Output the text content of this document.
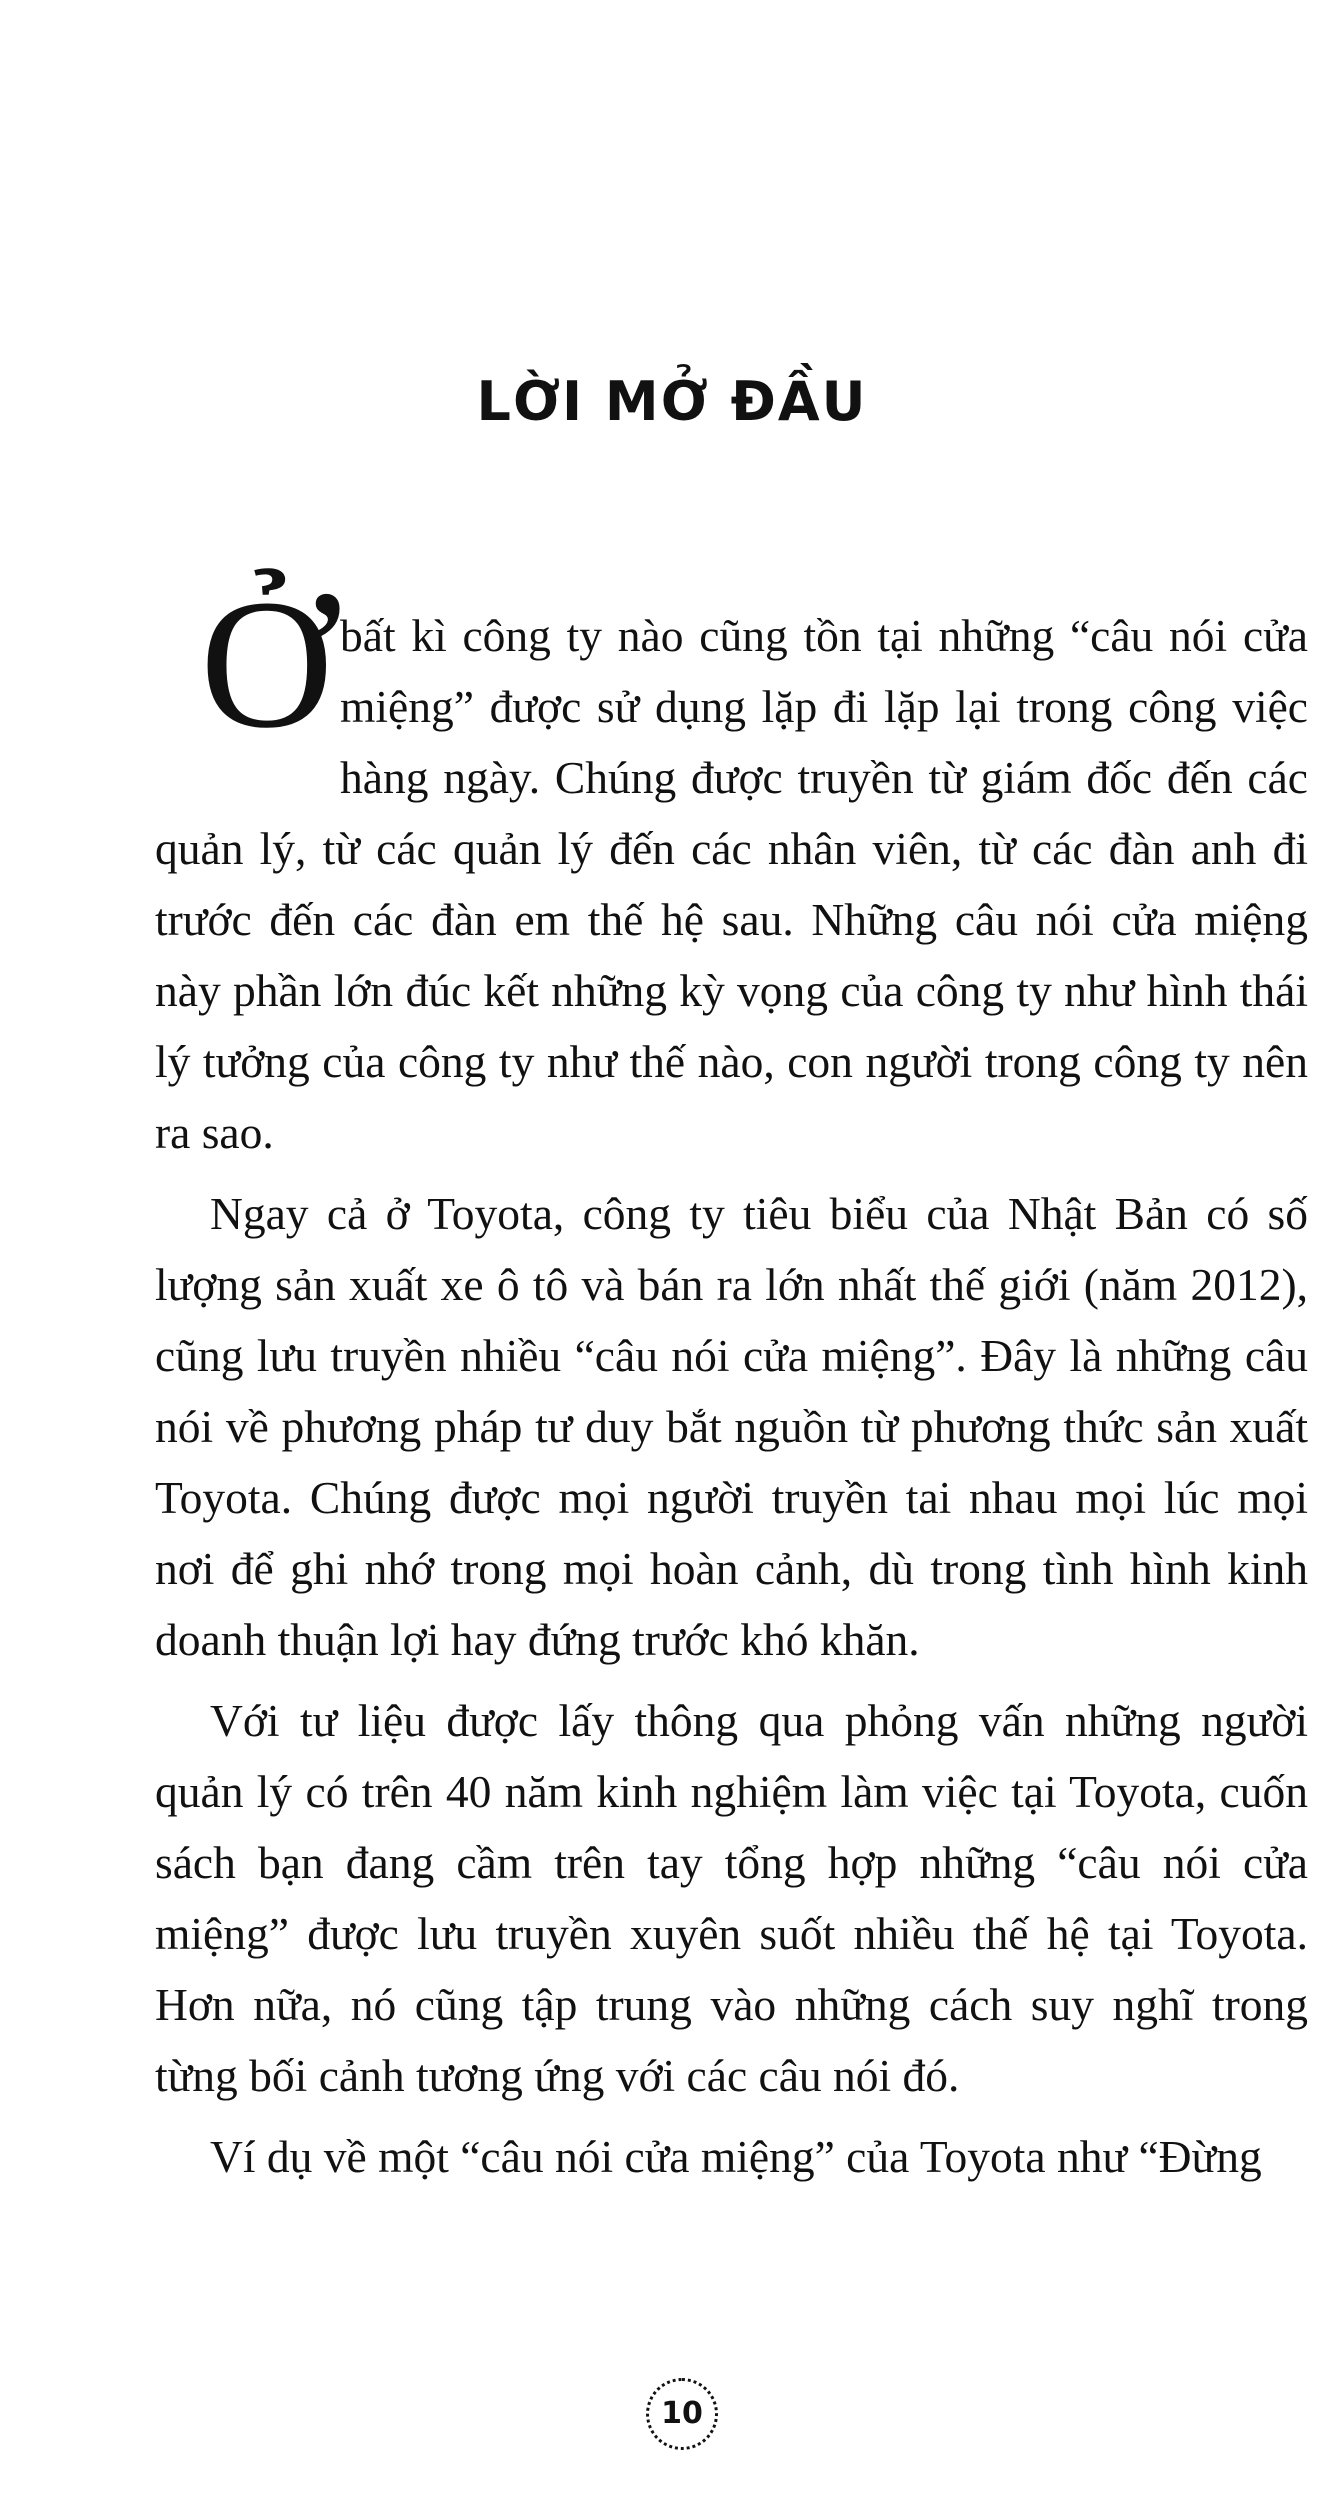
LỜI MỞ ĐẦU

Ở bất kì công ty nào cũng tồn tại những “câu nói cửa miệng” được sử dụng lặp đi lặp lại trong công việc hàng ngày. Chúng được truyền từ giám đốc đến các quản lý, từ các quản lý đến các nhân viên, từ các đàn anh đi trước đến các đàn em thế hệ sau. Những câu nói cửa miệng này phần lớn đúc kết những kỳ vọng của công ty như hình thái lý tưởng của công ty như thế nào, con người trong công ty nên ra sao.

Ngay cả ở Toyota, công ty tiêu biểu của Nhật Bản có số lượng sản xuất xe ô tô và bán ra lớn nhất thế giới (năm 2012), cũng lưu truyền nhiều “câu nói cửa miệng”. Đây là những câu nói về phương pháp tư duy bắt nguồn từ phương thức sản xuất Toyota. Chúng được mọi người truyền tai nhau mọi lúc mọi nơi để ghi nhớ trong mọi hoàn cảnh, dù trong tình hình kinh doanh thuận lợi hay đứng trước khó khăn.

Với tư liệu được lấy thông qua phỏng vấn những người quản lý có trên 40 năm kinh nghiệm làm việc tại Toyota, cuốn sách bạn đang cầm trên tay tổng hợp những “câu nói cửa miệng” được lưu truyền xuyên suốt nhiều thế hệ tại Toyota. Hơn nữa, nó cũng tập trung vào những cách suy nghĩ trong từng bối cảnh tương ứng với các câu nói đó.

Ví dụ về một “câu nói cửa miệng” của Toyota như “Đừng

10
